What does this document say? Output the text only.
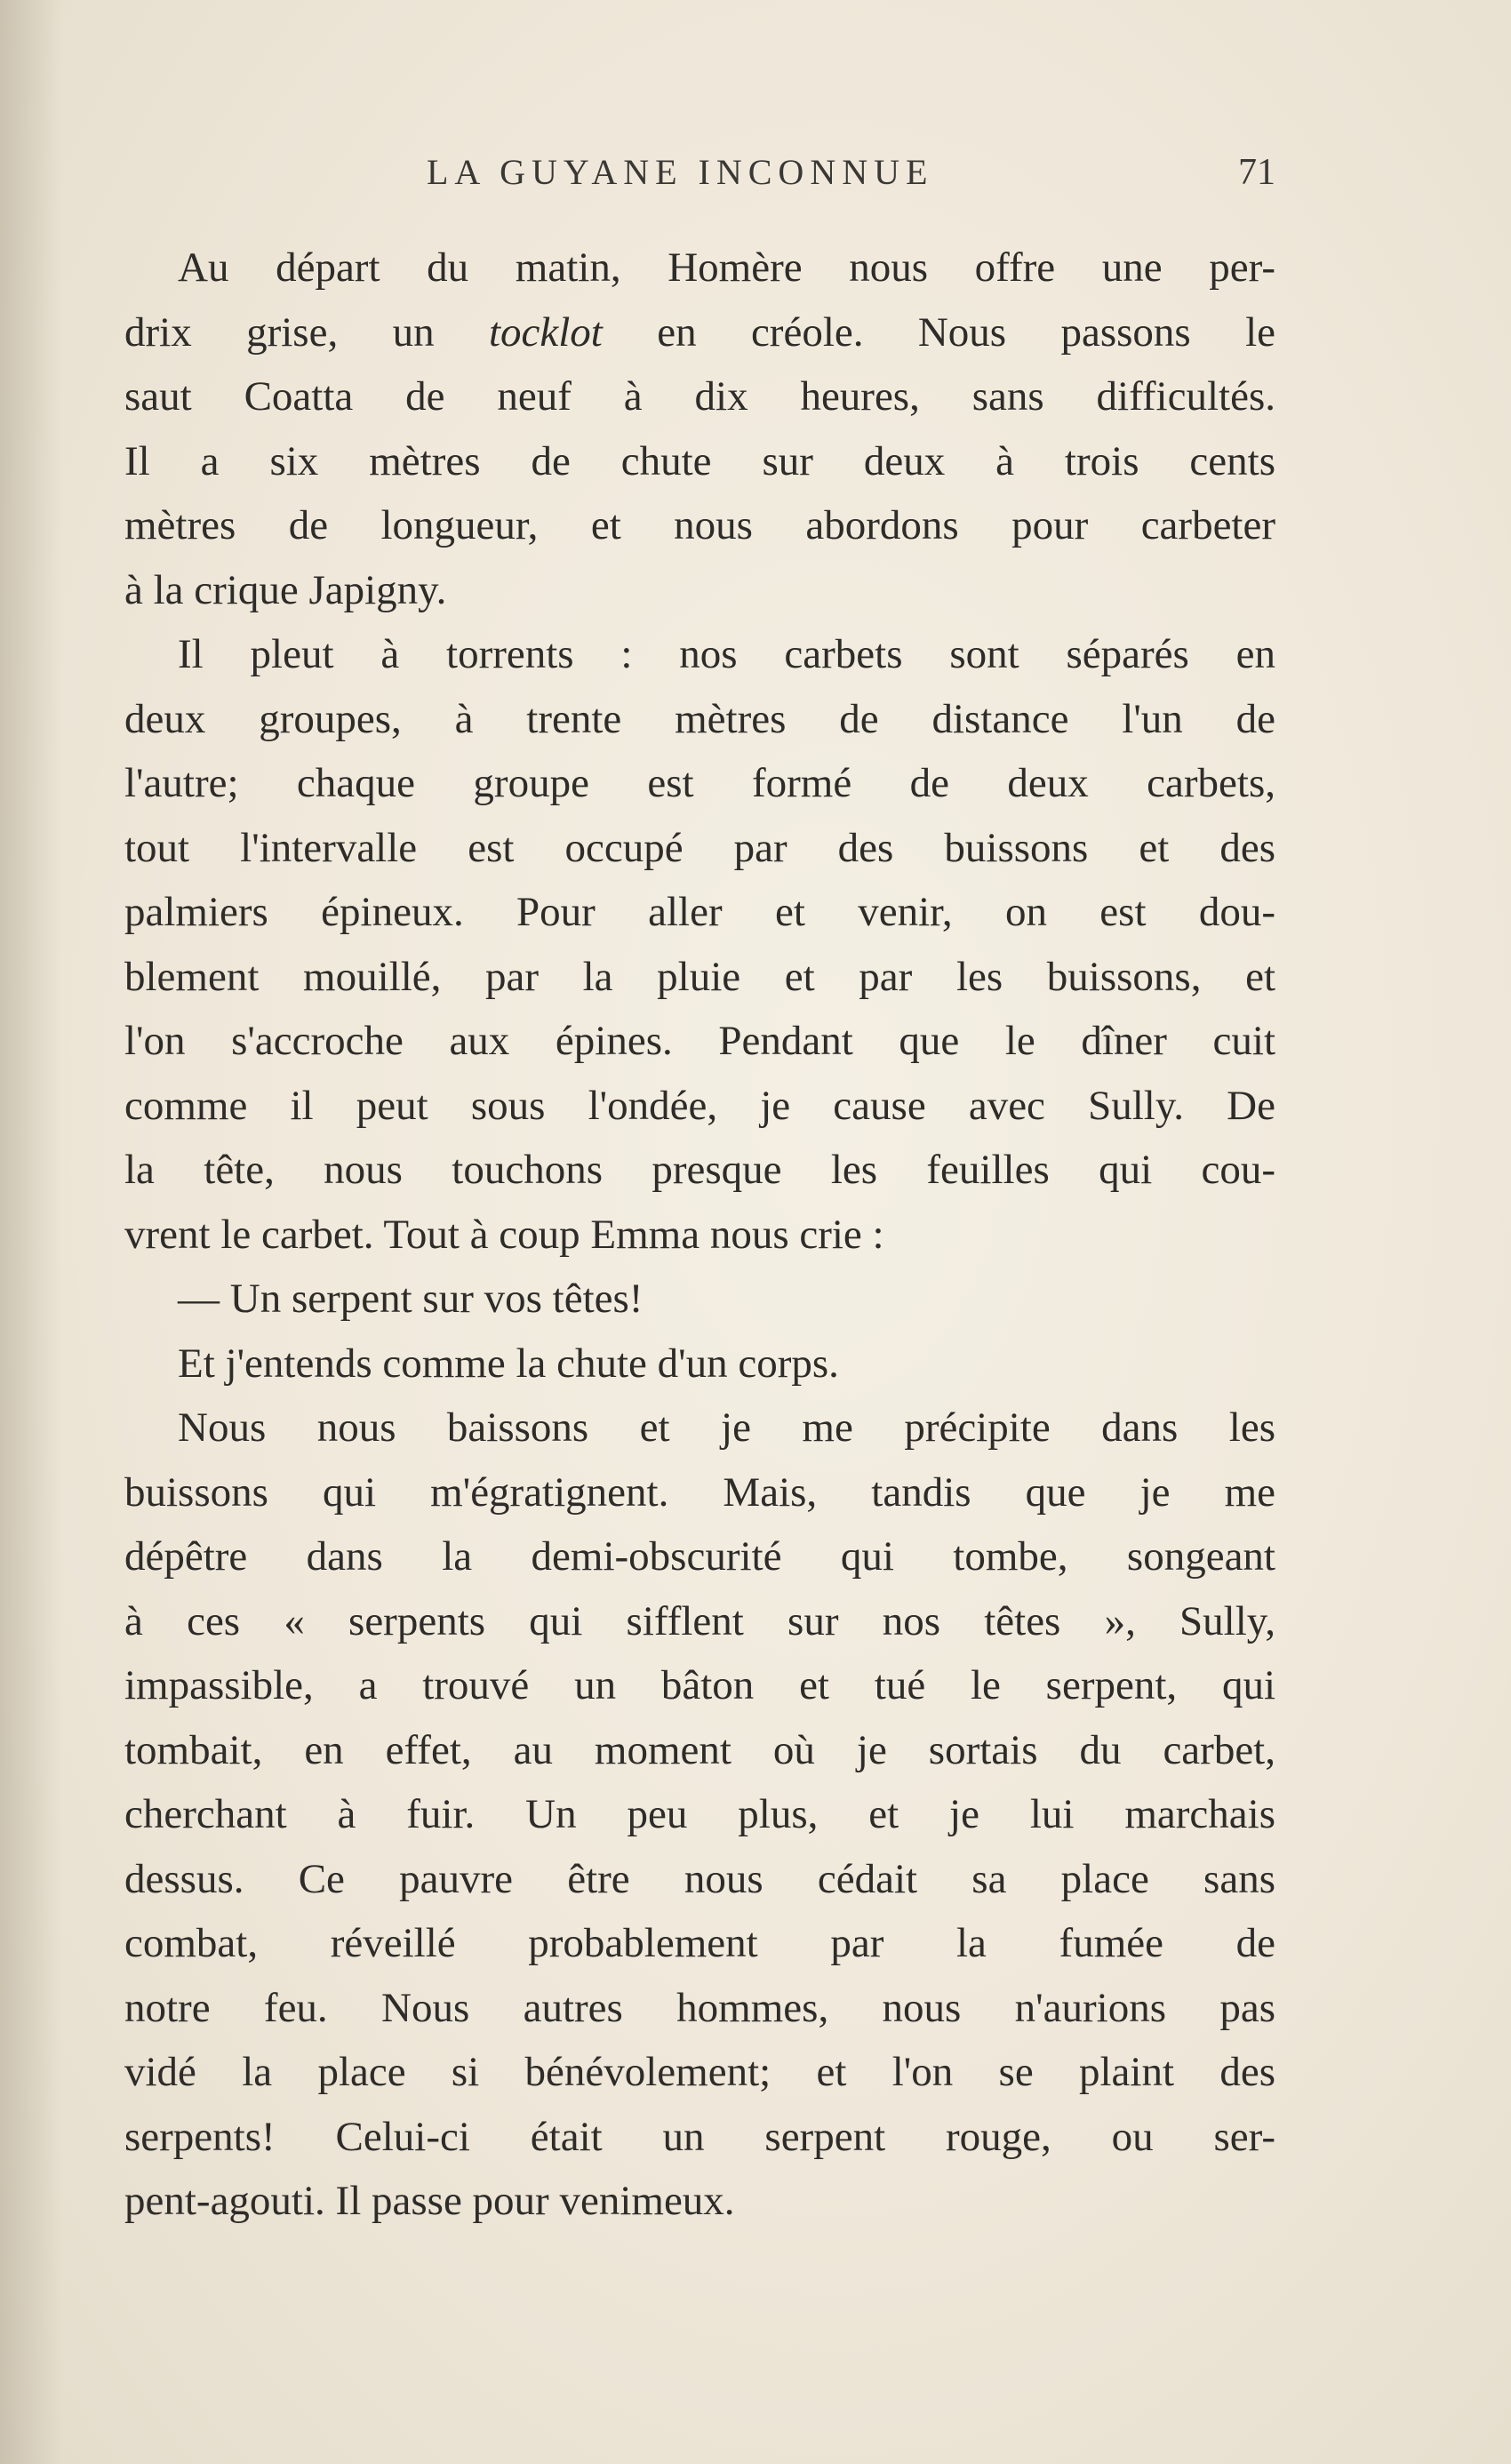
LA GUYANE INCONNUE	71
Au départ du matin, Homère nous offre une per-
drix grise, un tocklot en créole. Nous passons le
saut Coatta de neuf à dix heures, sans difficultés.
Il a six mètres de chute sur deux à trois cents
mètres de longueur, et nous abordons pour carbeter
à la crique Japigny.
Il pleut à torrents : nos carbets sont séparés en
deux groupes, à trente mètres de distance l'un de
l'autre; chaque groupe est formé de deux carbets,
tout l'intervalle est occupé par des buissons et des
palmiers épineux. Pour aller et venir, on est dou-
blement mouillé, par la pluie et par les buissons, et
l'on s'accroche aux épines. Pendant que le dîner cuit
comme il peut sous l'ondée, je cause avec Sully. De
la tête, nous touchons presque les feuilles qui cou-
vrent le carbet. Tout à coup Emma nous crie :
— Un serpent sur vos têtes!
Et j'entends comme la chute d'un corps.
Nous nous baissons et je me précipite dans les
buissons qui m'égratignent. Mais, tandis que je me
dépêtre dans la demi-obscurité qui tombe, songeant
à ces « serpents qui sifflent sur nos têtes », Sully,
impassible, a trouvé un bâton et tué le serpent, qui
tombait, en effet, au moment où je sortais du carbet,
cherchant à fuir. Un peu plus, et je lui marchais
dessus. Ce pauvre être nous cédait sa place sans
combat, réveillé probablement par la fumée de
notre feu. Nous autres hommes, nous n'aurions pas
vidé la place si bénévolement; et l'on se plaint des
serpents! Celui-ci était un serpent rouge, ou ser-
pent-agouti. Il passe pour venimeux.
